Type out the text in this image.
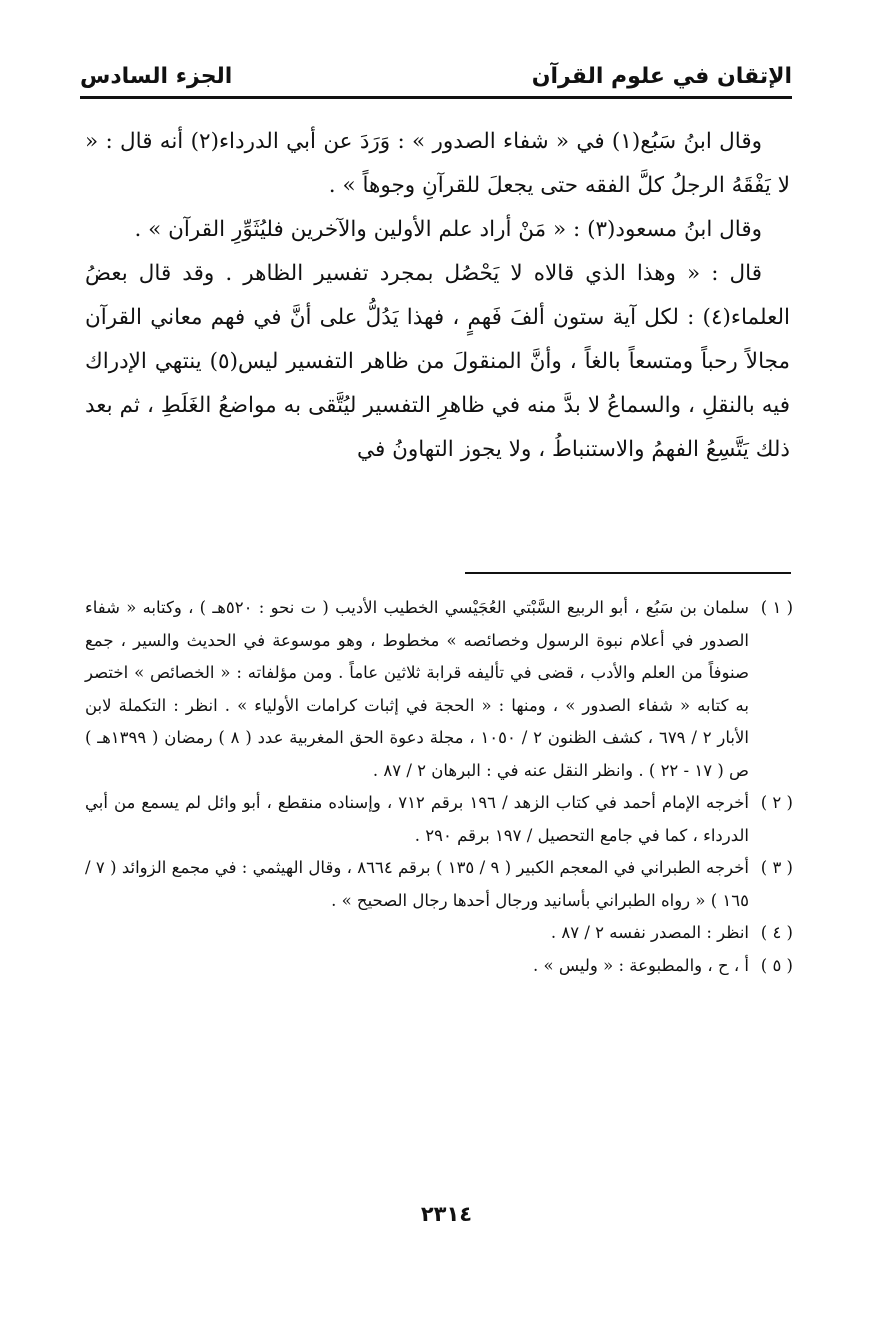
الإتقان في علوم القرآن
الجزء السادس

وقال ابنُ سَبُع(١) في « شفاء الصدور » : وَرَدَ عن أبي الدرداء(٢) أنه قال : « لا يَفْقَهُ الرجلُ كلَّ الفقه حتى يجعلَ للقرآنِ وجوهاً » .

وقال ابنُ مسعود(٣) : « مَنْ أراد علم الأولين والآخرين فليُثَوِّرِ القرآن » .

قال : « وهذا الذي قالاه لا يَحْصُل بمجرد تفسير الظاهر . وقد قال بعضُ العلماء(٤) : لكل آية ستون ألفَ فَهمٍ ، فهذا يَدُلُّ على أنَّ في فهم معاني القرآن مجالاً رحباً ومتسعاً بالغاً ، وأنَّ المنقولَ من ظاهر التفسير ليس(٥) ينتهي الإدراك فيه بالنقلِ ، والسماعُ لا بدَّ منه في ظاهرِ التفسير ليُتَّقى به مواضعُ الغَلَطِ ، ثم بعد ذلك يَتَّسِعُ الفهمُ والاستنباطُ ، ولا يجوز التهاونُ في

( ١ )سلمان بن سَبُع ، أبو الربيع السَّبْتي العُجَيْسي الخطيب الأديب ( ت نحو : ٥٢٠هـ ) ، وكتابه « شفاء الصدور في أعلام نبوة الرسول وخصائصه » مخطوط ، وهو موسوعة في الحديث والسير ، جمع صنوفاً من العلم والأدب ، قضى في تأليفه قرابة ثلاثين عاماً . ومن مؤلفاته : « الخصائص » اختصر به كتابه « شفاء الصدور » ، ومنها : « الحجة في إثبات كرامات الأولياء » . انظر : التكملة لابن الأبار ٢ / ٦٧٩ ، كشف الظنون ٢ / ١٠٥٠ ، مجلة دعوة الحق المغربية عدد ( ٨ ) رمضان ( ١٣٩٩هـ ) ص ( ١٧ - ٢٢ ) . وانظر النقل عنه في : البرهان ٢ / ٨٧ .

( ٢ )أخرجه الإمام أحمد في كتاب الزهد / ١٩٦ برقم ٧١٢ ، وإسناده منقطع ، أبو وائل لم يسمع من أبي الدرداء ، كما في جامع التحصيل / ١٩٧ برقم ٢٩٠ .

( ٣ )أخرجه الطبراني في المعجم الكبير ( ٩ / ١٣٥ ) برقم ٨٦٦٤ ، وقال الهيثمي : في مجمع الزوائد ( ٧ / ١٦٥ ) « رواه الطبراني بأسانيد ورجال أحدها رجال الصحيح » .

( ٤ )انظر : المصدر نفسه ٢ / ٨٧ .

( ٥ )أ ، ح ، والمطبوعة : « وليس » .

٢٣١٤
